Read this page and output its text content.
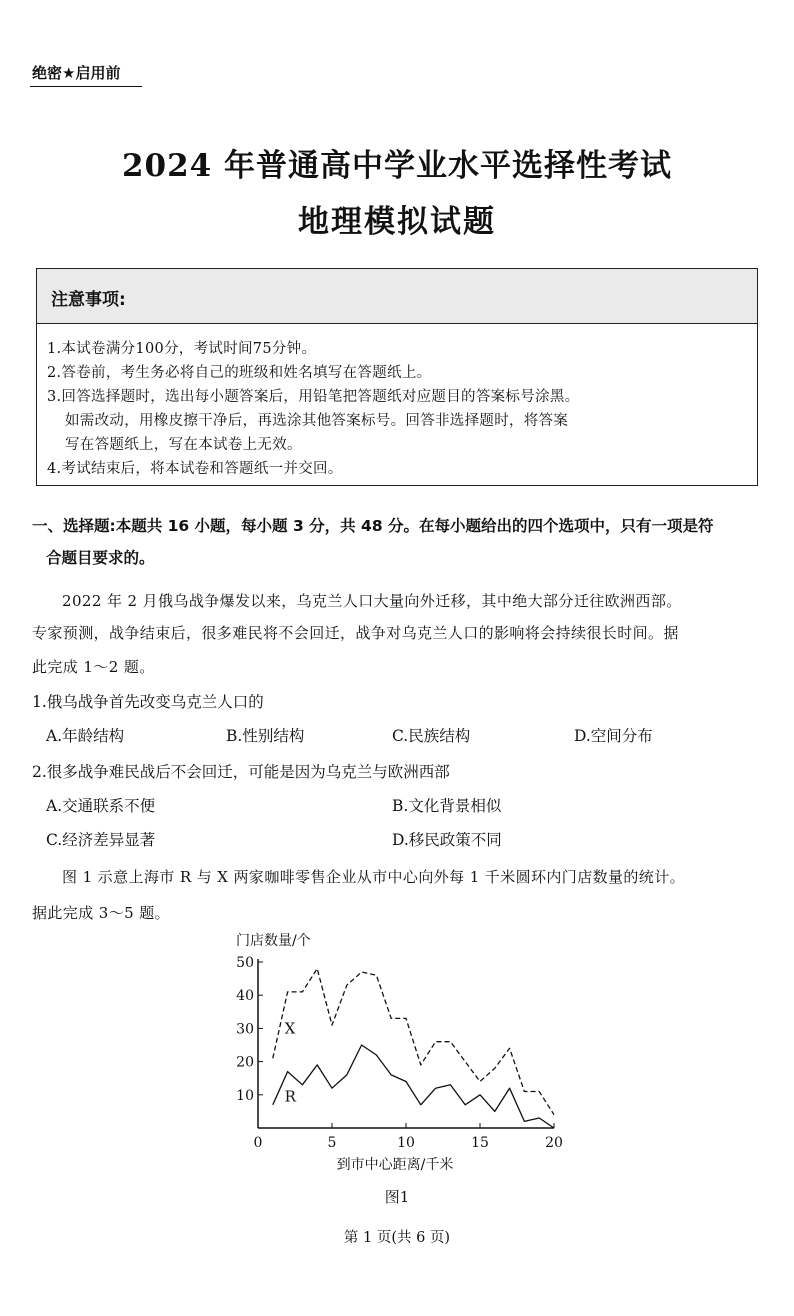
绝密★启用前
2024 年普通高中学业水平选择性考试
地理模拟试题
注意事项:
1.本试卷满分100分，考试时间75分钟。
2.答卷前，考生务必将自己的班级和姓名填写在答题纸上。
3.回答选择题时，选出每小题答案后，用铅笔把答题纸对应题目的答案标号涂黑。
如需改动，用橡皮擦干净后，再选涂其他答案标号。回答非选择题时，将答案
写在答题纸上，写在本试卷上无效。
4.考试结束后，将本试卷和答题纸一并交回。
一、选择题:本题共 16 小题，每小题 3 分，共 48 分。在每小题给出的四个选项中，只有一项是符
合题目要求的。
2022 年 2 月俄乌战争爆发以来，乌克兰人口大量向外迁移，其中绝大部分迁往欧洲西部。
专家预测，战争结束后，很多难民将不会回迁，战争对乌克兰人口的影响将会持续很长时间。据
此完成 1～2 题。
1.俄乌战争首先改变乌克兰人口的
A.年龄结构	B.性别结构	C.民族结构	D.空间分布
2.很多战争难民战后不会回迁，可能是因为乌克兰与欧洲西部
A.交通联系不便	B.文化背景相似
C.经济差异显著	D.移民政策不同
图 1 示意上海市 R 与 X 两家咖啡零售企业从市中心向外每 1 千米圆环内门店数量的统计。
据此完成 3～5 题。
门店数量/个
到市中心距离/千米
10
20
30
40
50
0	5	10	15	20
X
R
图1
第 1 页(共 6 页)
